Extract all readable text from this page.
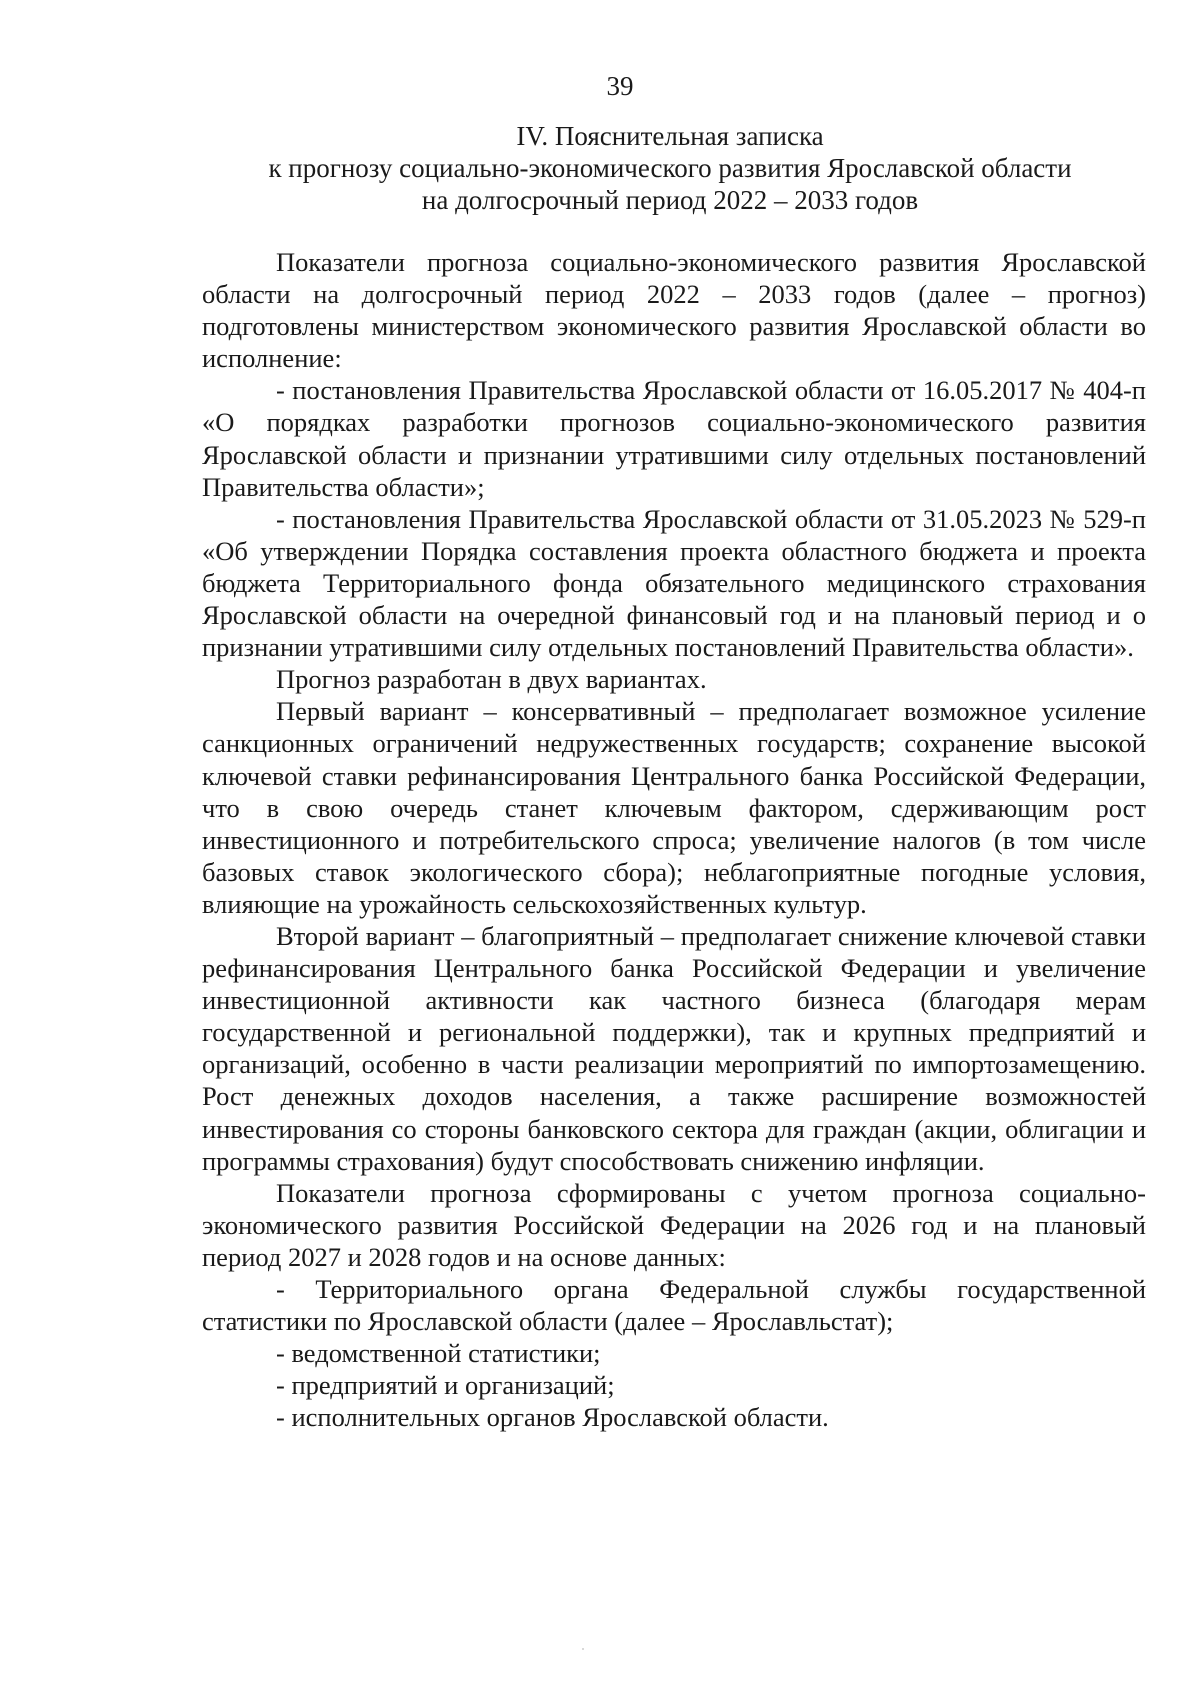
39
IV. Пояснительная записка
к прогнозу социально-экономического развития Ярославской области
на долгосрочный период 2022 – 2033 годов

Показатели прогноза социально-экономического развития Ярославской области на долгосрочный период 2022 – 2033 годов (далее – прогноз) подготовлены министерством экономического развития Ярославской области во исполнение:

- постановления Правительства Ярославской области от 16.05.2017 № 404-п «О порядках разработки прогнозов социально-экономического развития Ярославской области и признании утратившими силу отдельных постановлений Правительства области»;

- постановления Правительства Ярославской области от 31.05.2023 № 529-п «Об утверждении Порядка составления проекта областного бюджета и проекта бюджета Территориального фонда обязательного медицинского страхования Ярославской области на очередной финансовый год и на плановый период и о признании утратившими силу отдельных постановлений Правительства области».

Прогноз разработан в двух вариантах.

Первый вариант – консервативный – предполагает возможное усиление санкционных ограничений недружественных государств; сохранение высокой ключевой ставки рефинансирования Центрального банка Российской Федерации, что в свою очередь станет ключевым фактором, сдерживающим рост инвестиционного и потребительского спроса; увеличение налогов (в том числе базовых ставок экологического сбора); неблагоприятные погодные условия, влияющие на урожайность сельскохозяйственных культур.

Второй вариант – благоприятный – предполагает снижение ключевой ставки рефинансирования Центрального банка Российской Федерации и увеличение инвестиционной активности как частного бизнеса (благодаря мерам государственной и региональной поддержки), так и крупных предприятий и организаций, особенно в части реализации мероприятий по импортозамещению. Рост денежных доходов населения, а также расширение возможностей инвестирования со стороны банковского сектора для граждан (акции, облигации и программы страхования) будут способствовать снижению инфляции.

Показатели прогноза сформированы с учетом прогноза социально-экономического развития Российской Федерации на 2026 год и на плановый период 2027 и 2028 годов и на основе данных:

- Территориального органа Федеральной службы государственной статистики по Ярославской области (далее – Ярославльстат);

- ведомственной статистики;

- предприятий и организаций;

- исполнительных органов Ярославской области.
